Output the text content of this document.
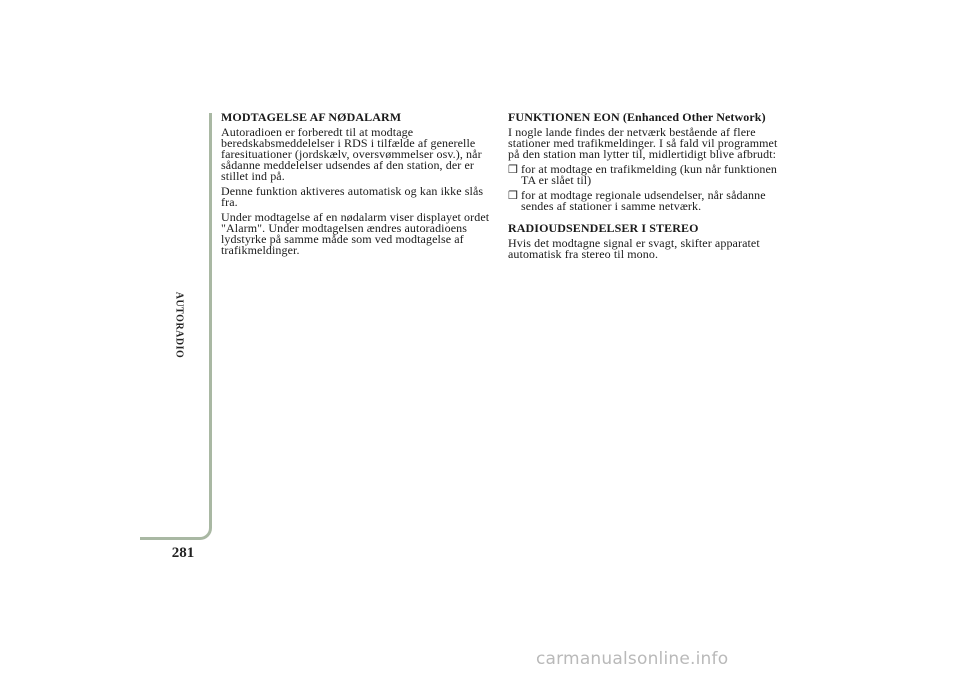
AUTORADIO
281
MODTAGELSE AF NØDALARM

Autoradioen er forberedt til at modtage beredskabsmeddelelser i RDS i tilfælde af generelle faresituationer (jordskælv, oversvømmelser osv.), når sådanne meddelelser udsendes af den station, der er stillet ind på.

Denne funktion aktiveres automatisk og kan ikke slås fra.

Under modtagelse af en nødalarm viser displayet ordet "Alarm". Under modtagelsen ændres autoradioens lydstyrke på samme måde som ved modtagelse af trafikmeldinger.

FUNKTIONEN EON (Enhanced Other Network)

I nogle lande findes der netværk bestående af flere stationer med trafikmeldinger. I så fald vil programmet på den station man lytter til, midlertidigt blive afbrudt:

❒ for at modtage en trafikmelding (kun når funktionen TA er slået til)

❒ for at modtage regionale udsendelser, når sådanne sendes af stationer i samme netværk.

RADIOUDSENDELSER I STEREO

Hvis det modtagne signal er svagt, skifter apparatet automatisk fra stereo til mono.

carmanualsonline.info
